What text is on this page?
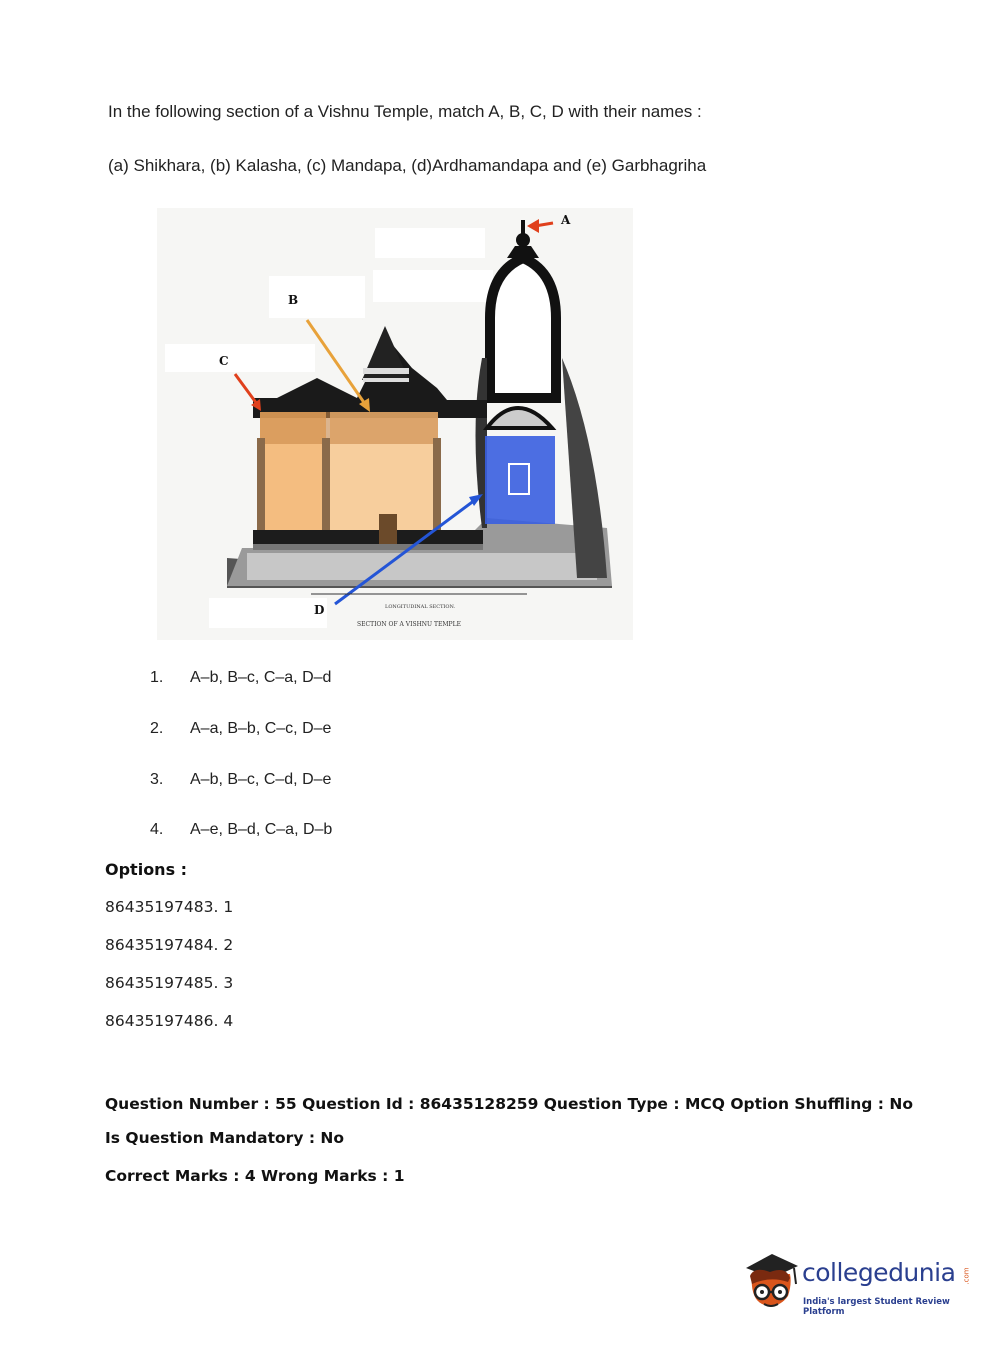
In the following section of a Vishnu Temple, match A, B, C, D with their names :
(a) Shikhara, (b) Kalasha, (c) Mandapa, (d)Ardhamandapa and (e) Garbhagriha
A
B
C
D	LONGITUDINAL SECTION.
SECTION OF A VISHNU TEMPLE
1. A–b, B–c, C–a, D–d
2. A–a, B–b, C–c, D–e
3. A–b, B–c, C–d, D–e
4. A–e, B–d, C–a, D–b
Options :
86435197483. 1
86435197484. 2
86435197485. 3
86435197486. 4
Question Number : 55 Question Id : 86435128259 Question Type : MCQ Option Shuffling : No
Is Question Mandatory : No
Correct Marks : 4 Wrong Marks : 1
collegedunia .com
India's largest Student Review Platform
